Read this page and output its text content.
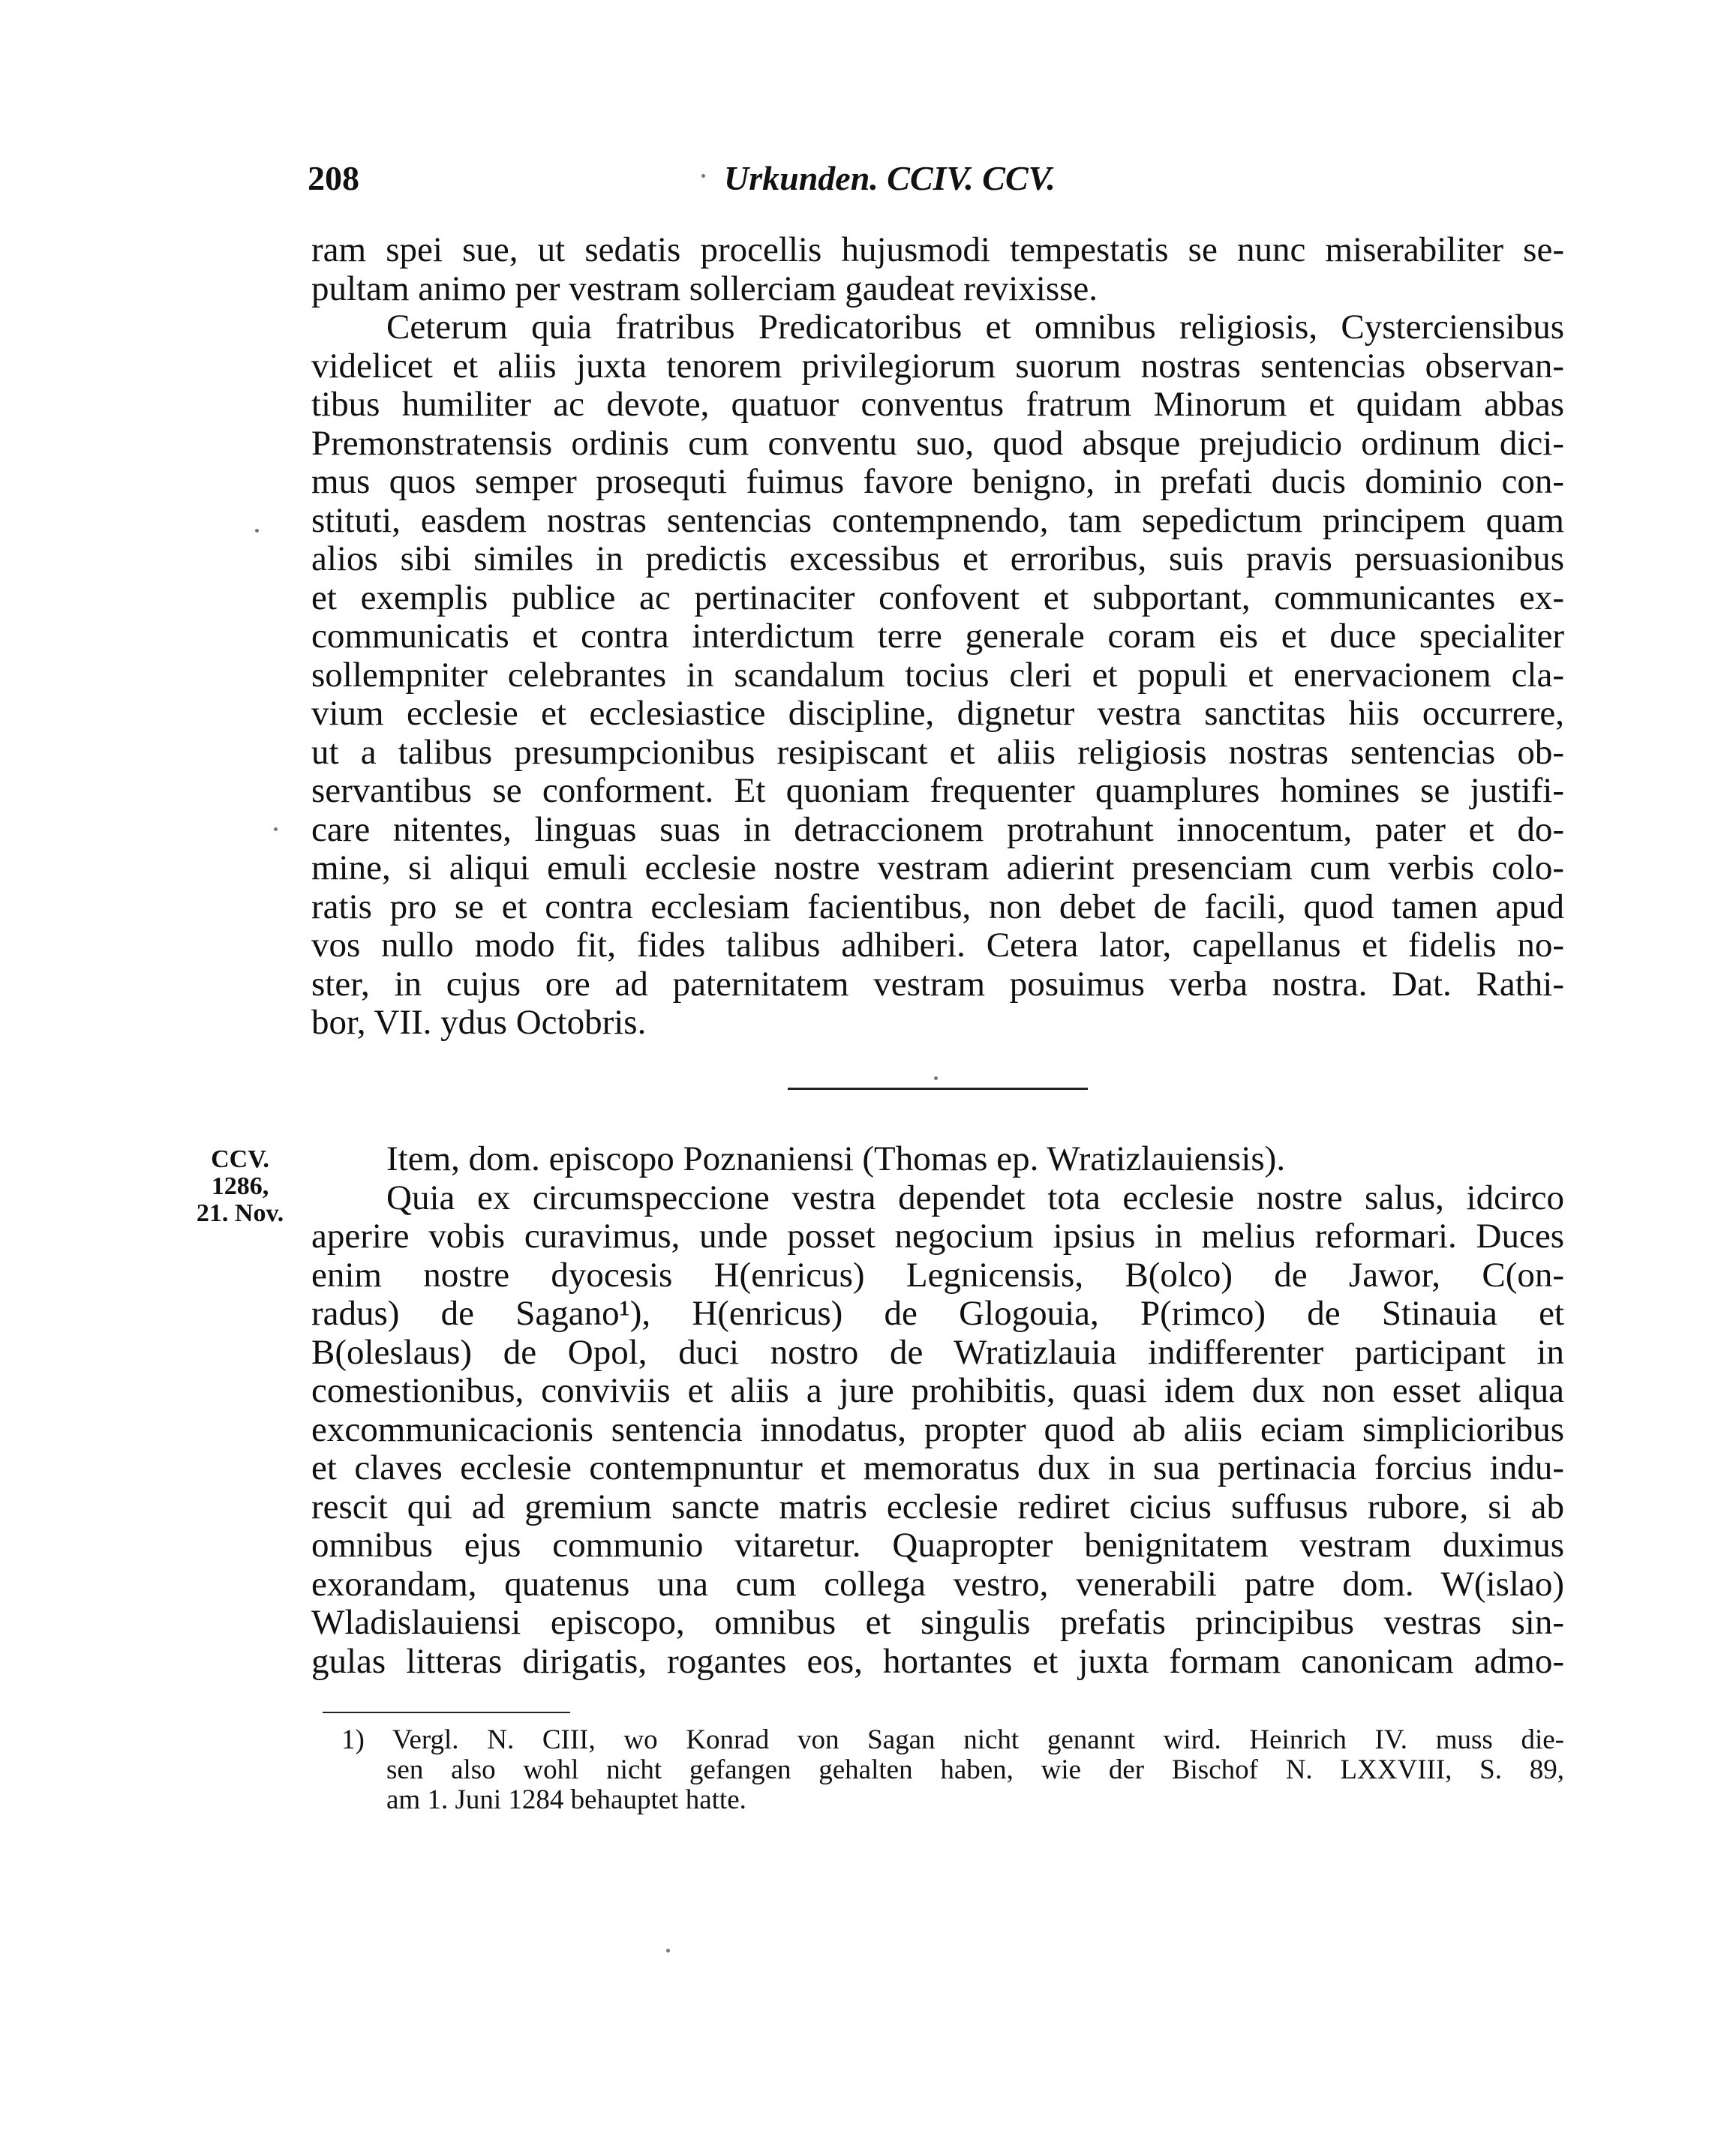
208	Urkunden. CCIV. CCV.
ram spei sue, ut sedatis procellis hujusmodi tempestatis se nunc miserabiliter se-
pultam animo per vestram sollerciam gaudeat revixisse.
Ceterum quia fratribus Predicatoribus et omnibus religiosis, Cysterciensibus
videlicet et aliis juxta tenorem privilegiorum suorum nostras sentencias observan-
tibus humiliter ac devote, quatuor conventus fratrum Minorum et quidam abbas
Premonstratensis ordinis cum conventu suo, quod absque prejudicio ordinum dici-
mus quos semper prosequti fuimus favore benigno, in prefati ducis dominio con-
stituti, easdem nostras sentencias contempnendo, tam sepedictum principem quam
alios sibi similes in predictis excessibus et erroribus, suis pravis persuasionibus
et exemplis publice ac pertinaciter confovent et subportant, communicantes ex-
communicatis et contra interdictum terre generale coram eis et duce specialiter
sollempniter celebrantes in scandalum tocius cleri et populi et enervacionem cla-
vium ecclesie et ecclesiastice discipline, dignetur vestra sanctitas hiis occurrere,
ut a talibus presumpcionibus resipiscant et aliis religiosis nostras sentencias ob-
servantibus se conforment. Et quoniam frequenter quamplures homines se justifi-
care nitentes, linguas suas in detraccionem protrahunt innocentum, pater et do-
mine, si aliqui emuli ecclesie nostre vestram adierint presenciam cum verbis colo-
ratis pro se et contra ecclesiam facientibus, non debet de facili, quod tamen apud
vos nullo modo fit, fides talibus adhiberi. Cetera lator, capellanus et fidelis no-
ster, in cujus ore ad paternitatem vestram posuimus verba nostra. Dat. Rathi-
bor, VII. ydus Octobris.
CCV.
1286,
21. Nov.
Item, dom. episcopo Poznaniensi (Thomas ep. Wratizlauiensis).
Quia ex circumspeccione vestra dependet tota ecclesie nostre salus, idcirco
aperire vobis curavimus, unde posset negocium ipsius in melius reformari. Duces
enim nostre dyocesis H(enricus) Legnicensis, B(olco) de Jawor, C(on-
radus) de Sagano¹), H(enricus) de Glogouia, P(rimco) de Stinauia et
B(oleslaus) de Opol, duci nostro de Wratizlauia indifferenter participant in
comestionibus, conviviis et aliis a jure prohibitis, quasi idem dux non esset aliqua
excommunicacionis sentencia innodatus, propter quod ab aliis eciam simplicioribus
et claves ecclesie contempnuntur et memoratus dux in sua pertinacia forcius indu-
rescit qui ad gremium sancte matris ecclesie rediret cicius suffusus rubore, si ab
omnibus ejus communio vitaretur. Quapropter benignitatem vestram duximus
exorandam, quatenus una cum collega vestro, venerabili patre dom. W(islao)
Wladislauiensi episcopo, omnibus et singulis prefatis principibus vestras sin-
gulas litteras dirigatis, rogantes eos, hortantes et juxta formam canonicam admo-
1) Vergl. N. CIII, wo Konrad von Sagan nicht genannt wird. Heinrich IV. muss die-
sen also wohl nicht gefangen gehalten haben, wie der Bischof N. LXXVIII, S. 89,
am 1. Juni 1284 behauptet hatte.
